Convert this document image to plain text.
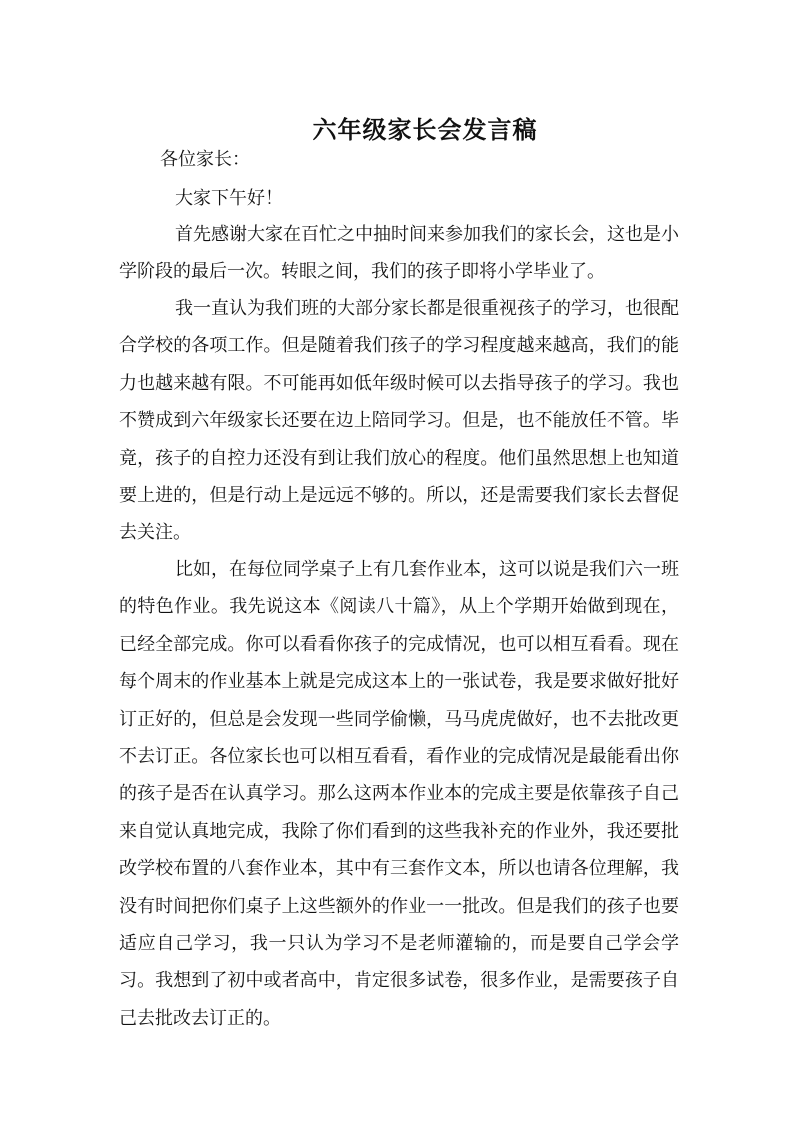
六年级家长会发言稿
各位家长：
大家下午好！

首先感谢大家在百忙之中抽时间来参加我们的家长会，这也是小学阶段的最后一次。转眼之间，我们的孩子即将小学毕业了。

我一直认为我们班的大部分家长都是很重视孩子的学习，也很配合学校的各项工作。但是随着我们孩子的学习程度越来越高，我们的能力也越来越有限。不可能再如低年级时候可以去指导孩子的学习。我也不赞成到六年级家长还要在边上陪同学习。但是，也不能放任不管。毕竟，孩子的自控力还没有到让我们放心的程度。他们虽然思想上也知道要上进的，但是行动上是远远不够的。所以，还是需要我们家长去督促去关注。

比如，在每位同学桌子上有几套作业本，这可以说是我们六一班的特色作业。我先说这本《阅读八十篇》，从上个学期开始做到现在，已经全部完成。你可以看看你孩子的完成情况，也可以相互看看。现在每个周末的作业基本上就是完成这本上的一张试卷，我是要求做好批好订正好的，但总是会发现一些同学偷懒，马马虎虎做好，也不去批改更不去订正。各位家长也可以相互看看，看作业的完成情况是最能看出你的孩子是否在认真学习。那么这两本作业本的完成主要是依靠孩子自己来自觉认真地完成，我除了你们看到的这些我补充的作业外，我还要批改学校布置的八套作业本，其中有三套作文本，所以也请各位理解，我没有时间把你们桌子上这些额外的作业一一批改。但是我们的孩子也要适应自己学习，我一只认为学习不是老师灌输的，而是要自己学会学习。我想到了初中或者高中，肯定很多试卷，很多作业，是需要孩子自己去批改去订正的。
